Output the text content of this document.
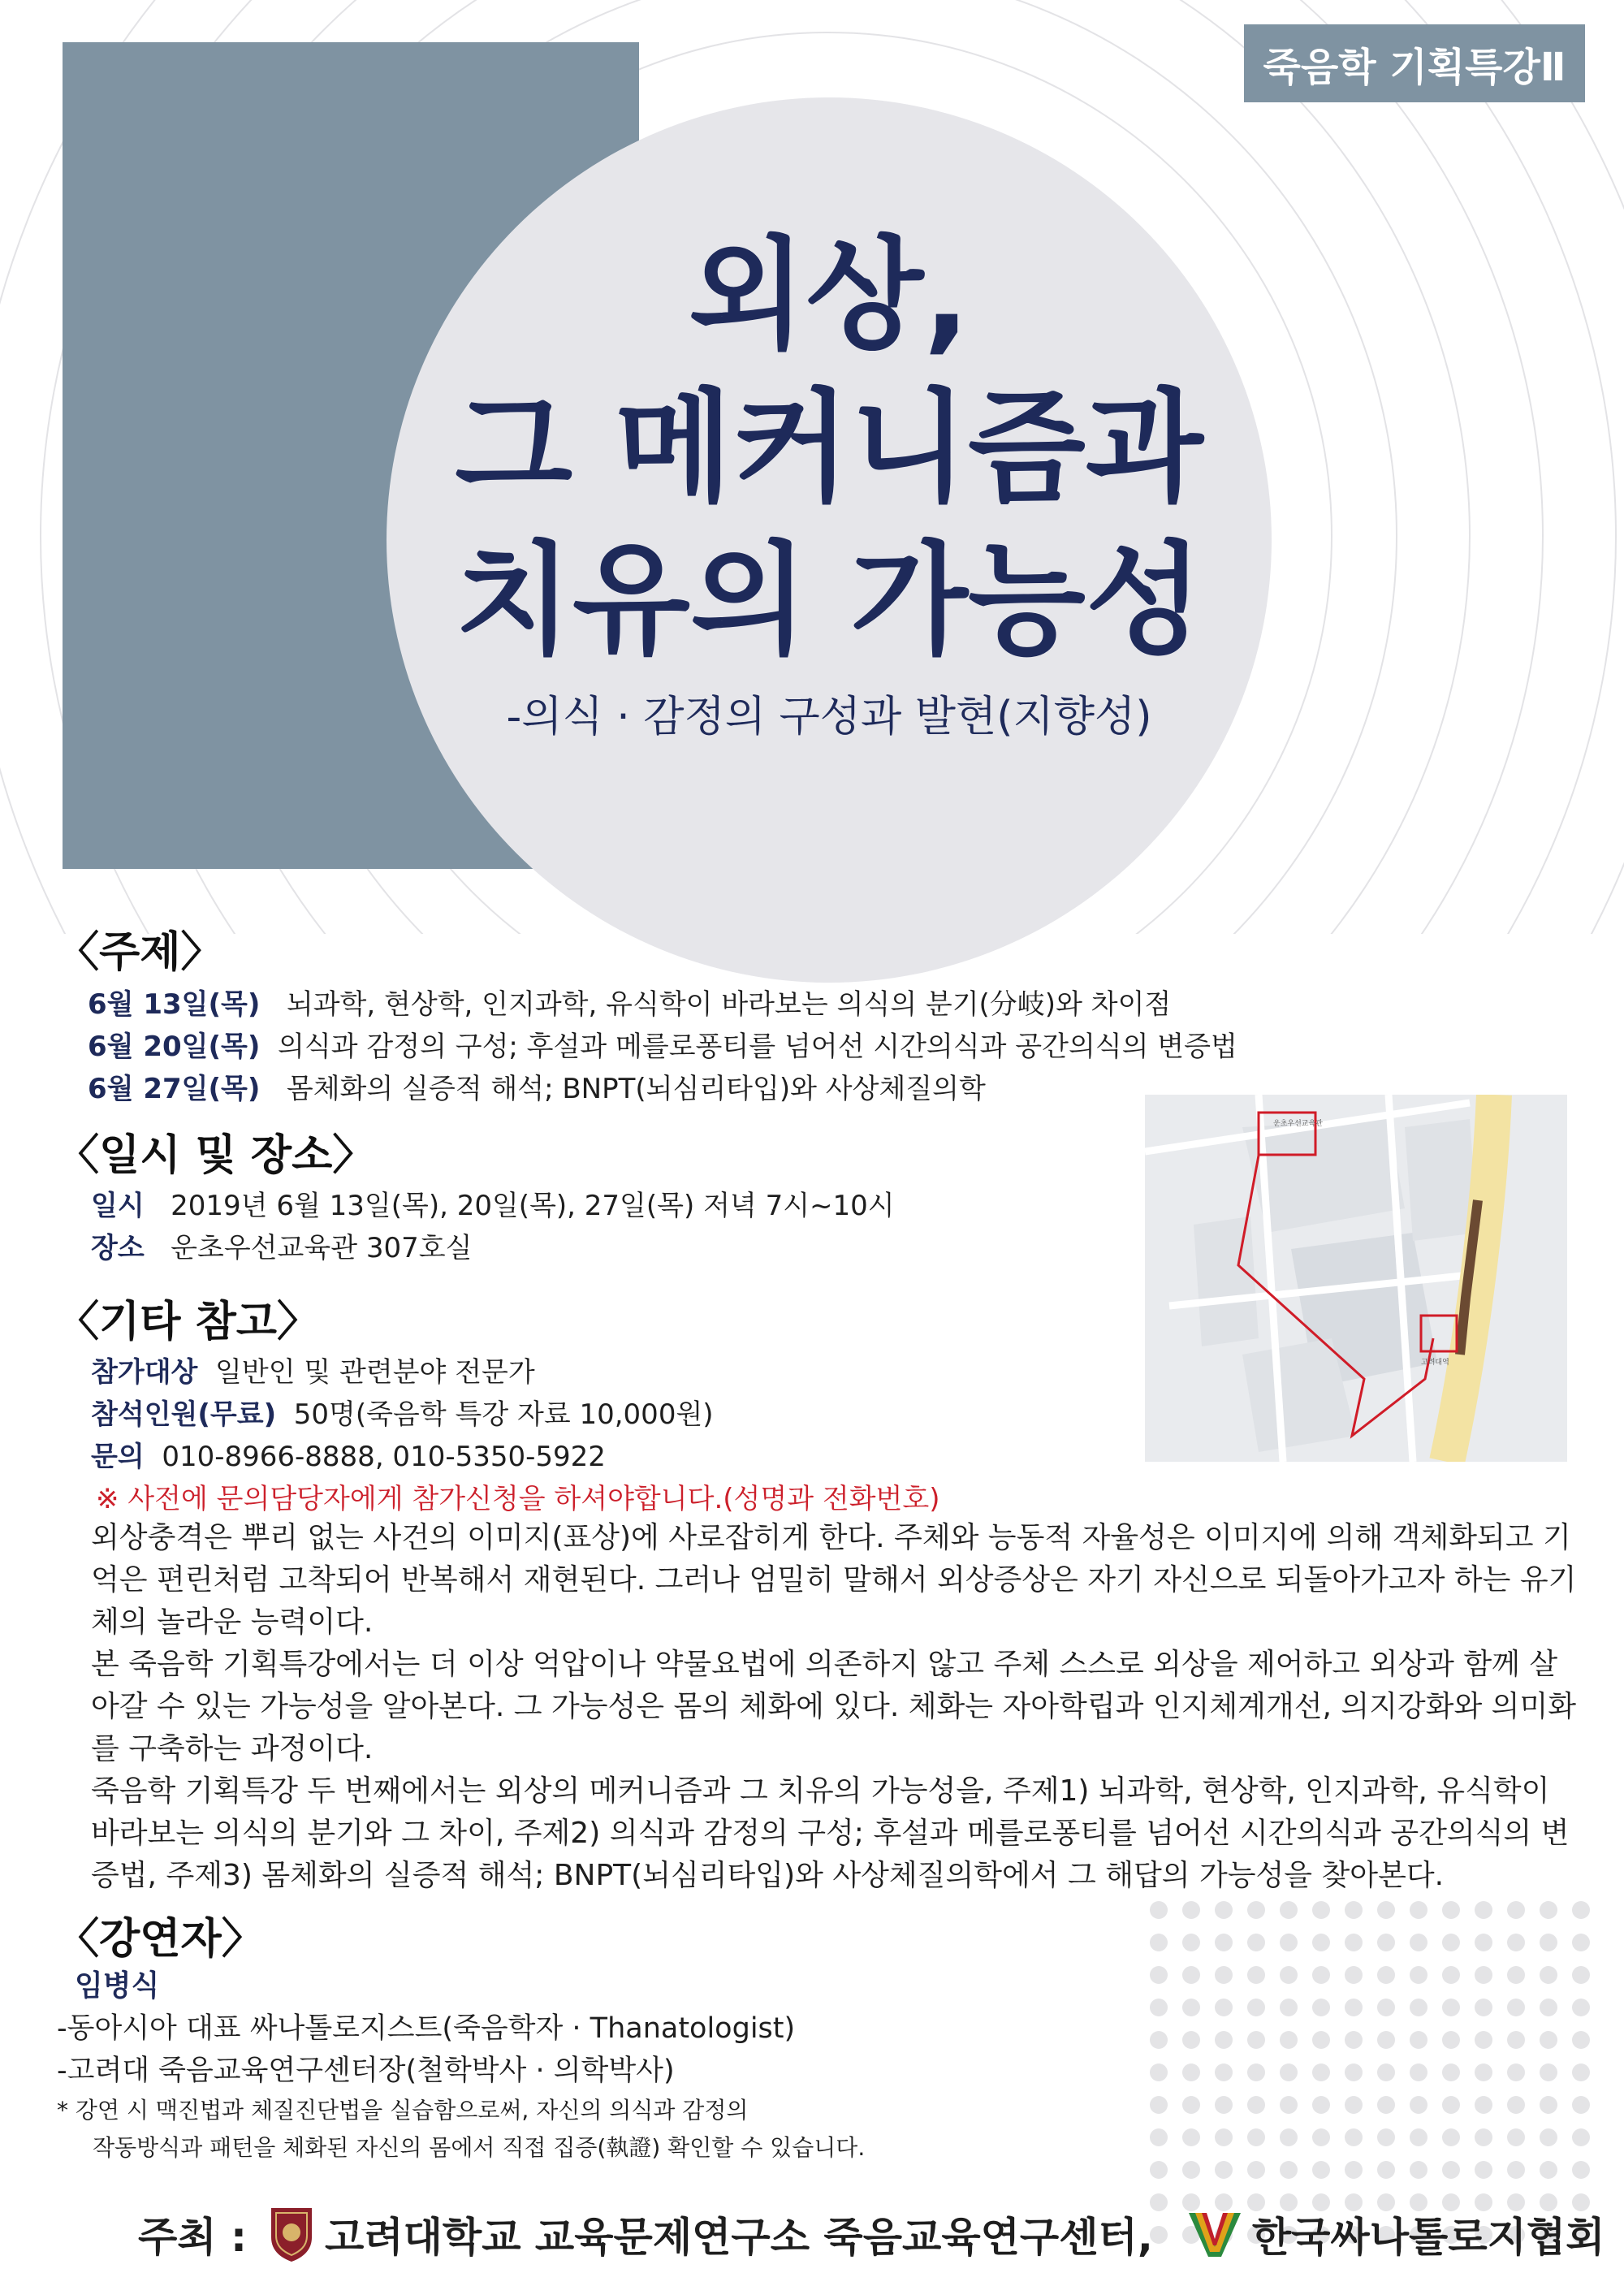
죽음학 기획특강Ⅱ
외상,
그 메커니즘과
치유의 가능성
-의식 · 감정의 구성과 발현(지향성)
〈주제〉
6월 13일(목) 뇌과학, 현상학, 인지과학, 유식학이 바라보는 의식의 분기(分岐)와 차이점
6월 20일(목) 의식과 감정의 구성; 후설과 메를로퐁티를 넘어선 시간의식과 공간의식의 변증법
6월 27일(목) 몸체화의 실증적 해석; BNPT(뇌심리타입)와 사상체질의학
〈일시 및 장소〉
일시 2019년 6월 13일(목), 20일(목), 27일(목) 저녁 7시~10시
장소 운초우선교육관 307호실
〈기타 참고〉
참가대상 일반인 및 관련분야 전문가
참석인원(무료) 50명(죽음학 특강 자료 10,000원)
문의 010-8966-8888, 010-5350-5922
※ 사전에 문의담당자에게 참가신청을 하셔야합니다.(성명과 전화번호)
외상충격은 뿌리 없는 사건의 이미지(표상)에 사로잡히게 한다. 주체와 능동적 자율성은 이미지에 의해 객체화되고 기억은 편린처럼 고착되어 반복해서 재현된다. 그러나 엄밀히 말해서 외상증상은 자기 자신으로 되돌아가고자 하는 유기체의 놀라운 능력이다.
본 죽음학 기획특강에서는 더 이상 억압이나 약물요법에 의존하지 않고 주체 스스로 외상을 제어하고 외상과 함께 살아갈 수 있는 가능성을 알아본다. 그 가능성은 몸의 체화에 있다. 체화는 자아학립과 인지체계개선, 의지강화와 의미화를 구축하는 과정이다.
죽음학 기획특강 두 번째에서는 외상의 메커니즘과 그 치유의 가능성을, 주제1) 뇌과학, 현상학, 인지과학, 유식학이 바라보는 의식의 분기와 그 차이, 주제2) 의식과 감정의 구성; 후설과 메를로퐁티를 넘어선 시간의식과 공간의식의 변증법, 주제3) 몸체화의 실증적 해석; BNPT(뇌심리타입)와 사상체질의학에서 그 해답의 가능성을 찾아본다.
〈강연자〉
임병식
-동아시아 대표 싸나톨로지스트(죽음학자 · Thanatologist)
-고려대 죽음교육연구센터장(철학박사 · 의학박사)
* 강연 시 맥진법과 체질진단법을 실습함으로써, 자신의 의식과 감정의
작동방식과 패턴을 체화된 자신의 몸에서 직접 집증(執證) 확인할 수 있습니다.
운초우선교육관
고려대역
주최 : 고려대학교 교육문제연구소 죽음교육연구센터, 한국싸나톨로지협회
